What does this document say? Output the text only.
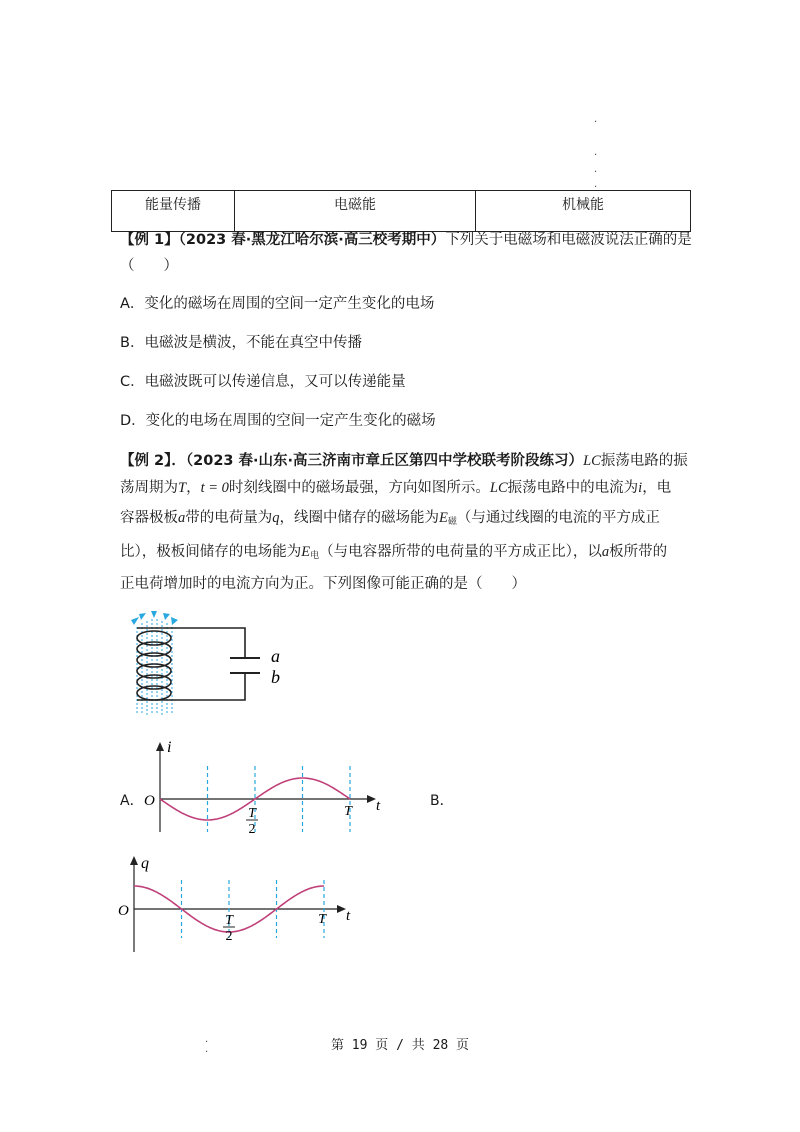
·
·
·
·
·
·
能量传播	电磁能	机械能
【例 1】（2023 春·黑龙江哈尔滨·高三校考期中）下列关于电磁场和电磁波说法正确的是
（　　）
A．变化的磁场在周围的空间一定产生变化的电场
B．电磁波是横波，不能在真空中传播
C．电磁波既可以传递信息，又可以传递能量
D．变化的电场在周围的空间一定产生变化的磁场
【例 2】．（2023 春·山东·高三济南市章丘区第四中学校联考阶段练习）LC振荡电路的振
荡周期为T，t = 0时刻线圈中的磁场最强，方向如图所示。LC振荡电路中的电流为i，电
容器极板a带的电荷量为q，线圈中储存的磁场能为$E_磁$（与通过线圈的电流的平方成正
比），极板间储存的电场能为$E_电$（与电容器所带的电荷量的平方成正比），以a板所带的
正电荷增加时的电流方向为正。下列图像可能正确的是（　　）
a
b
A．
i
t
O
T
2
T
B．
q
t
O
T
2
T
第 19 页 / 共 28 页
